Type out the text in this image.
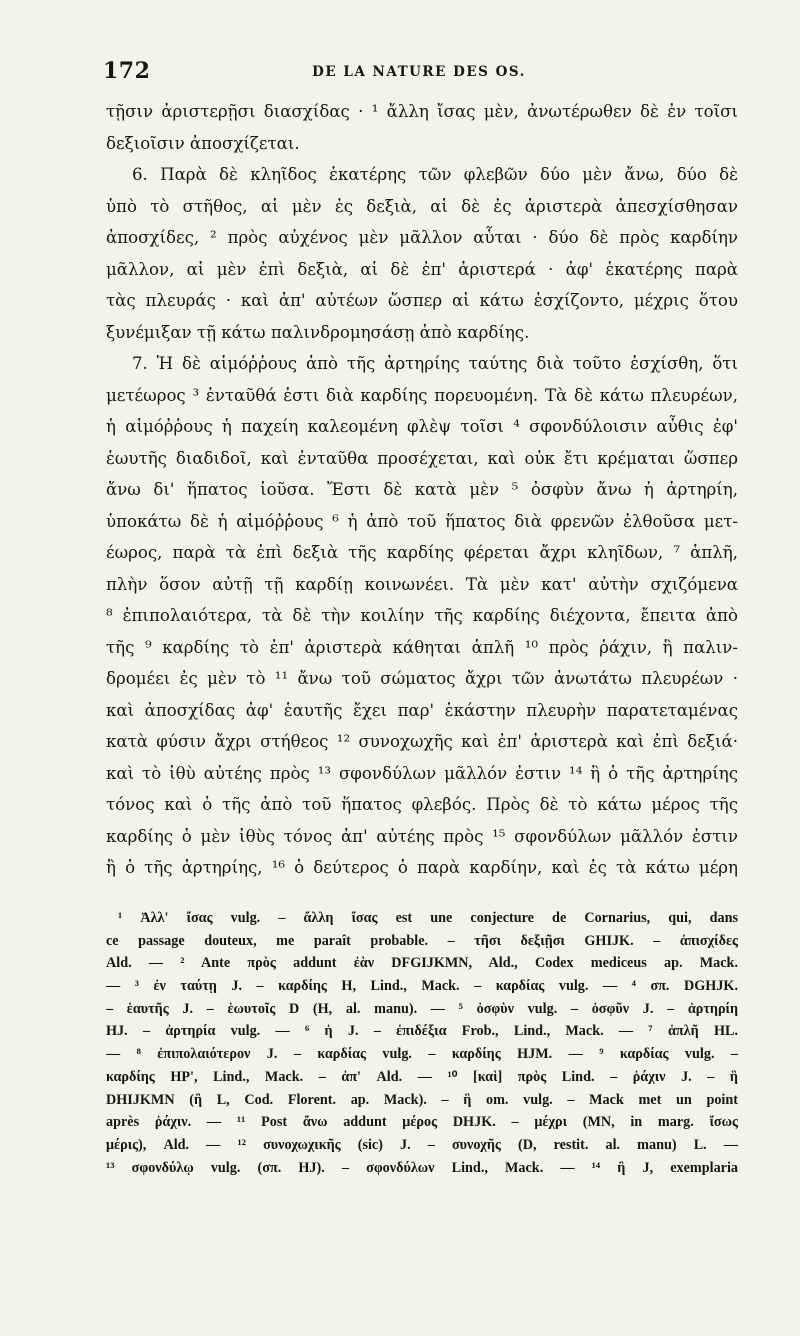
172	DE LA NATURE DES OS.
τῇσιν ἀριστερῇσι διασχίδας · ¹ ἄλλη ἴσας μὲν, ἀνωτέρωθεν δὲ ἐν τοῖσι
δεξιοῖσιν ἀποσχίζεται.
6. Παρὰ δὲ κληῖδος ἑκατέρης τῶν φλεβῶν δύο μὲν ἄνω, δύο δὲ
ὑπὸ τὸ στῆθος, αἱ μὲν ἐς δεξιὰ, αἱ δὲ ἐς ἀριστερὰ ἀπεσχίσθησαν
ἀποσχίδες, ² πρὸς αὐχένος μὲν μᾶλλον αὗται · δύο δὲ πρὸς καρδίην
μᾶλλον, αἱ μὲν ἐπὶ δεξιὰ, αἱ δὲ ἐπ' ἀριστερά · ἀφ' ἑκατέρης παρὰ
τὰς πλευράς · καὶ ἀπ' αὐτέων ὥσπερ αἱ κάτω ἐσχίζοντο, μέχρις ὅτου
ξυνέμιξαν τῇ κάτω παλινδρομησάσῃ ἀπὸ καρδίης.
7. Ἡ δὲ αἱμόῤῥους ἀπὸ τῆς ἀρτηρίης ταύτης διὰ τοῦτο ἐσχίσθη, ὅτι
μετέωρος ³ ἐνταῦθά ἐστι διὰ καρδίης πορευομένη. Τὰ δὲ κάτω πλευρέων,
ἡ αἱμόῤῥους ἡ παχείη καλεομένη φλὲψ τοῖσι ⁴ σφονδύλοισιν αὖθις ἐφ'
ἑωυτῆς διαδιδοῖ, καὶ ἐνταῦθα προσέχεται, καὶ οὐκ ἔτι κρέμαται ὥσπερ
ἄνω δι' ἥπατος ἰοῦσα. Ἔστι δὲ κατὰ μὲν ⁵ ὀσφὺν ἄνω ἡ ἀρτηρίη,
ὑποκάτω δὲ ἡ αἱμόῤῥους ⁶ ἡ ἀπὸ τοῦ ἥπατος διὰ φρενῶν ἐλθοῦσα μετ-
έωρος, παρὰ τὰ ἐπὶ δεξιὰ τῆς καρδίης φέρεται ἄχρι κληῖδων, ⁷ ἁπλῆ,
πλὴν ὅσον αὐτῇ τῇ καρδίῃ κοινωνέει. Τὰ μὲν κατ' αὐτὴν σχιζόμενα
⁸ ἐπιπολαιότερα, τὰ δὲ τὴν κοιλίην τῆς καρδίης διέχοντα, ἔπειτα ἀπὸ
τῆς ⁹ καρδίης τὸ ἐπ' ἀριστερὰ κάθηται ἁπλῆ ¹⁰ πρὸς ῥάχιν, ἣ παλιν-
δρομέει ἐς μὲν τὸ ¹¹ ἄνω τοῦ σώματος ἄχρι τῶν ἀνωτάτω πλευρέων ·
καὶ ἀποσχίδας ἀφ' ἑαυτῆς ἔχει παρ' ἑκάστην πλευρὴν παρατεταμένας
κατὰ φύσιν ἄχρι στήθεος ¹² συνοχωχῆς καὶ ἐπ' ἀριστερὰ καὶ ἐπὶ δεξιά·
καὶ τὸ ἰθὺ αὐτέης πρὸς ¹³ σφονδύλων μᾶλλόν ἐστιν ¹⁴ ἢ ὁ τῆς ἀρτηρίης
τόνος καὶ ὁ τῆς ἀπὸ τοῦ ἥπατος φλεβός. Πρὸς δὲ τὸ κάτω μέρος τῆς
καρδίης ὁ μὲν ἰθὺς τόνος ἀπ' αὐτέης πρὸς ¹⁵ σφονδύλων μᾶλλόν ἐστιν
ἢ ὁ τῆς ἀρτηρίης, ¹⁶ ὁ δεύτερος ὁ παρὰ καρδίην, καὶ ἐς τὰ κάτω μέρη
¹ Ἀλλ' ἴσας vulg. – ἄλλη ἴσας est une conjecture de Cornarius, qui, dans
ce passage douteux, me paraît probable. – τῆσι δεξιῇσι GHIJK. – ἀπισχίδες
Ald. — ² Ante πρὸς addunt ἐὰν DFGIJKMN, Ald., Codex mediceus ap. Mack.
— ³ ἐν ταύτῃ J. – καρδίης H, Lind., Mack. – καρδίας vulg. — ⁴ σπ. DGHJK.
– ἑαυτῆς J. – ἑωυτοῖς D (H, al. manu). — ⁵ ὀσφὺν vulg. – ὀσφῦν J. – ἀρτηρίη
HJ. – ἀρτηρία vulg. — ⁶ ἡ J. – ἐπιδέξια Frob., Lind., Mack. — ⁷ ἁπλῆ HL.
— ⁸ ἐπιπολαιότερον J. – καρδίας vulg. – καρδίης HJM. — ⁹ καρδίας vulg. –
καρδίης HP', Lind., Mack. – ἀπ' Ald. — ¹⁰ [καὶ] πρὸς Lind. – ῥάχιν J. – ἣ
DHIJKMN (ἢ L, Cod. Florent. ap. Mack). – ἣ om. vulg. – Mack met un point
après ῥάχιν. — ¹¹ Post ἄνω addunt μέρος DHJK. – μέχρι (MN, in marg. ἴσως
μέρις), Ald. — ¹² συνοχωχικῆς (sic) J. – συνοχῆς (D, restit. al. manu) L. —
¹³ σφονδύλῳ vulg. (σπ. HJ). – σφονδύλων Lind., Mack. — ¹⁴ ἢ J, exemplaria
